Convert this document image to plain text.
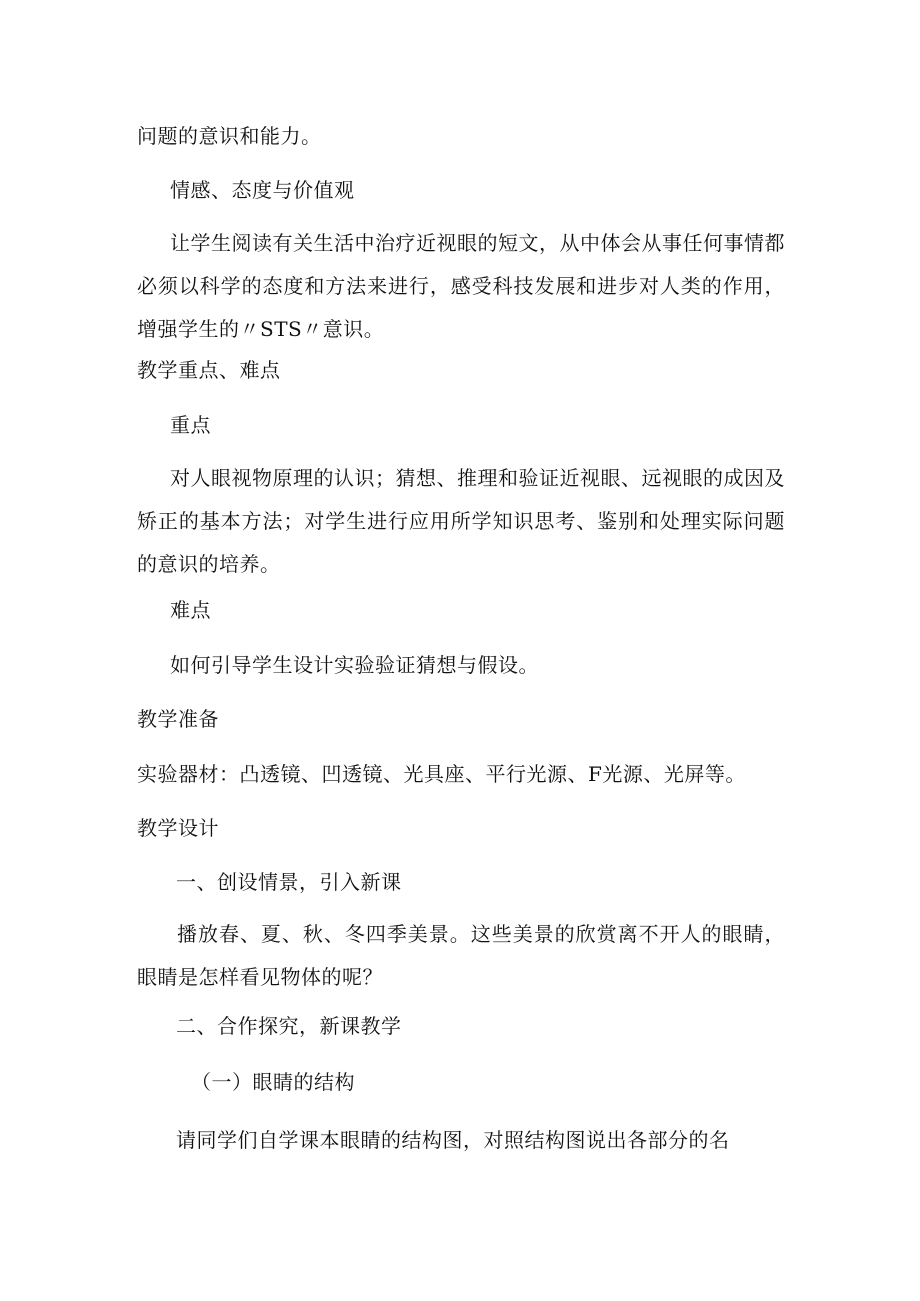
问题的意识和能力。
情感、态度与价值观
让学生阅读有关生活中治疗近视眼的短文，从中体会从事任何事情都必须以科学的态度和方法来进行，感受科技发展和进步对人类的作用，增强学生的〃STS〃意识。
教学重点、难点
重点
对人眼视物原理的认识；猜想、推理和验证近视眼、远视眼的成因及矫正的基本方法；对学生进行应用所学知识思考、鉴别和处理实际问题的意识的培养。
难点
如何引导学生设计实验验证猜想与假设。
教学准备
实验器材：凸透镜、凹透镜、光具座、平行光源、F光源、光屏等。
教学设计
一、创设情景，引入新课
播放春、夏、秋、冬四季美景。这些美景的欣赏离不开人的眼睛，眼睛是怎样看见物体的呢？
二、合作探究，新课教学
（一）眼睛的结构
请同学们自学课本眼睛的结构图，对照结构图说出各部分的名
